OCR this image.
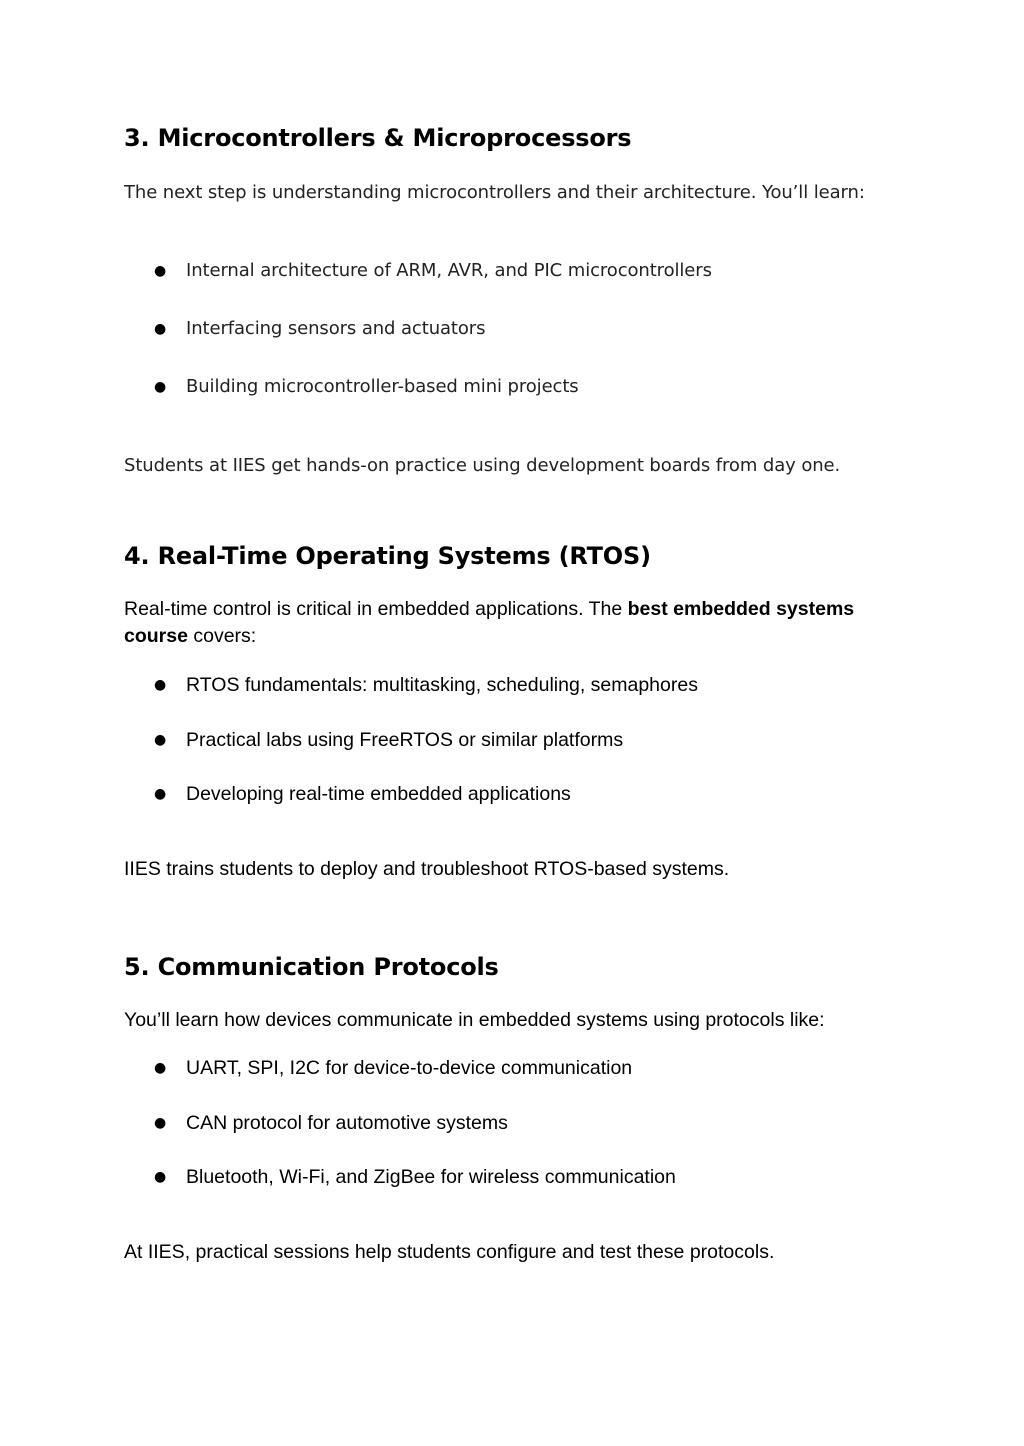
3. Microcontrollers & Microprocessors

The next step is understanding microcontrollers and their architecture. You’ll learn:

● Internal architecture of ARM, AVR, and PIC microcontrollers
● Interfacing sensors and actuators
● Building microcontroller-based mini projects

Students at IIES get hands-on practice using development boards from day one.

4. Real-Time Operating Systems (RTOS)

Real-time control is critical in embedded applications. The best embedded systems course covers:

● RTOS fundamentals: multitasking, scheduling, semaphores
● Practical labs using FreeRTOS or similar platforms
● Developing real-time embedded applications

IIES trains students to deploy and troubleshoot RTOS-based systems.

5. Communication Protocols

You’ll learn how devices communicate in embedded systems using protocols like:

● UART, SPI, I2C for device-to-device communication
● CAN protocol for automotive systems
● Bluetooth, Wi-Fi, and ZigBee for wireless communication

At IIES, practical sessions help students configure and test these protocols.
